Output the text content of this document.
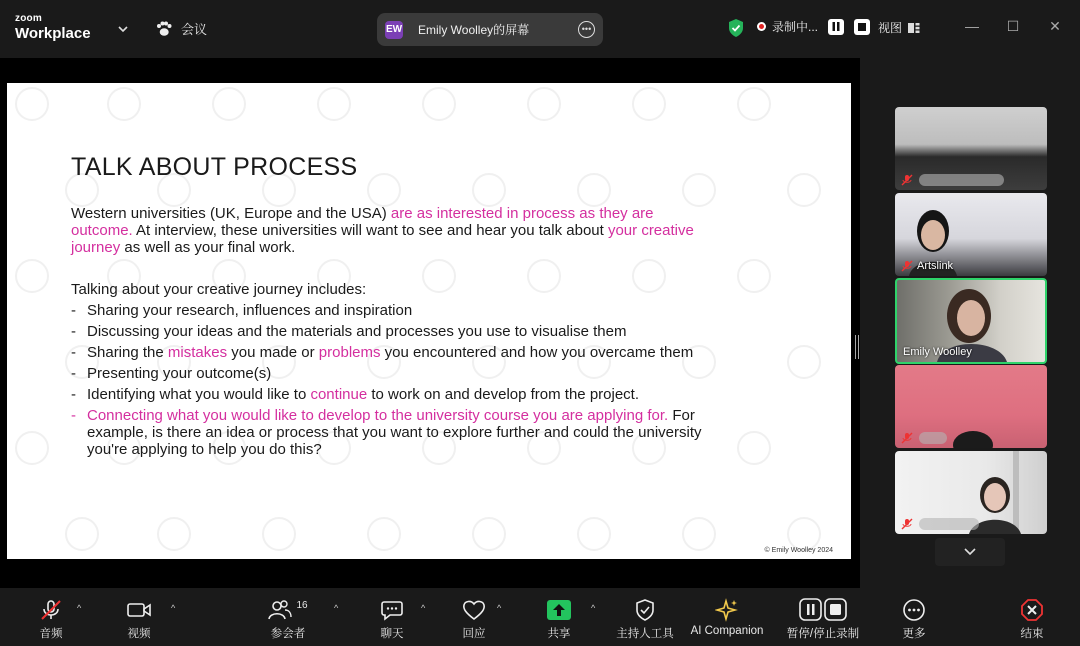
zoom
Workplace	会议	EW Emily Woolley的屏幕	•••	录制中...	视图	— ☐ ✕
TALK ABOUT PROCESS
Western universities (UK, Europe and the USA) are as interested in process as they are outcome. At interview, these universities will want to see and hear you talk about your creative journey as well as your final work.
Talking about your creative journey includes:
- Sharing your research, influences and inspiration
- Discussing your ideas and the materials and processes you use to visualise them
- Sharing the mistakes you made or problems you encountered and how you overcame them
- Presenting your outcome(s)
- Identifying what you would like to continue to work on and develop from the project.
- Connecting what you would like to develop to the university course you are applying for. For example, is there an idea or process that you want to explore further and could the university you're applying to help you do this?
© Emily Woolley 2024
Artslink
Emily Woolley
音频
^
视频
^	16
参会者
^
聊天
^
回应
^
共享
^
主持人工具 AI Companion 暂停/停止录制	更多	结束
